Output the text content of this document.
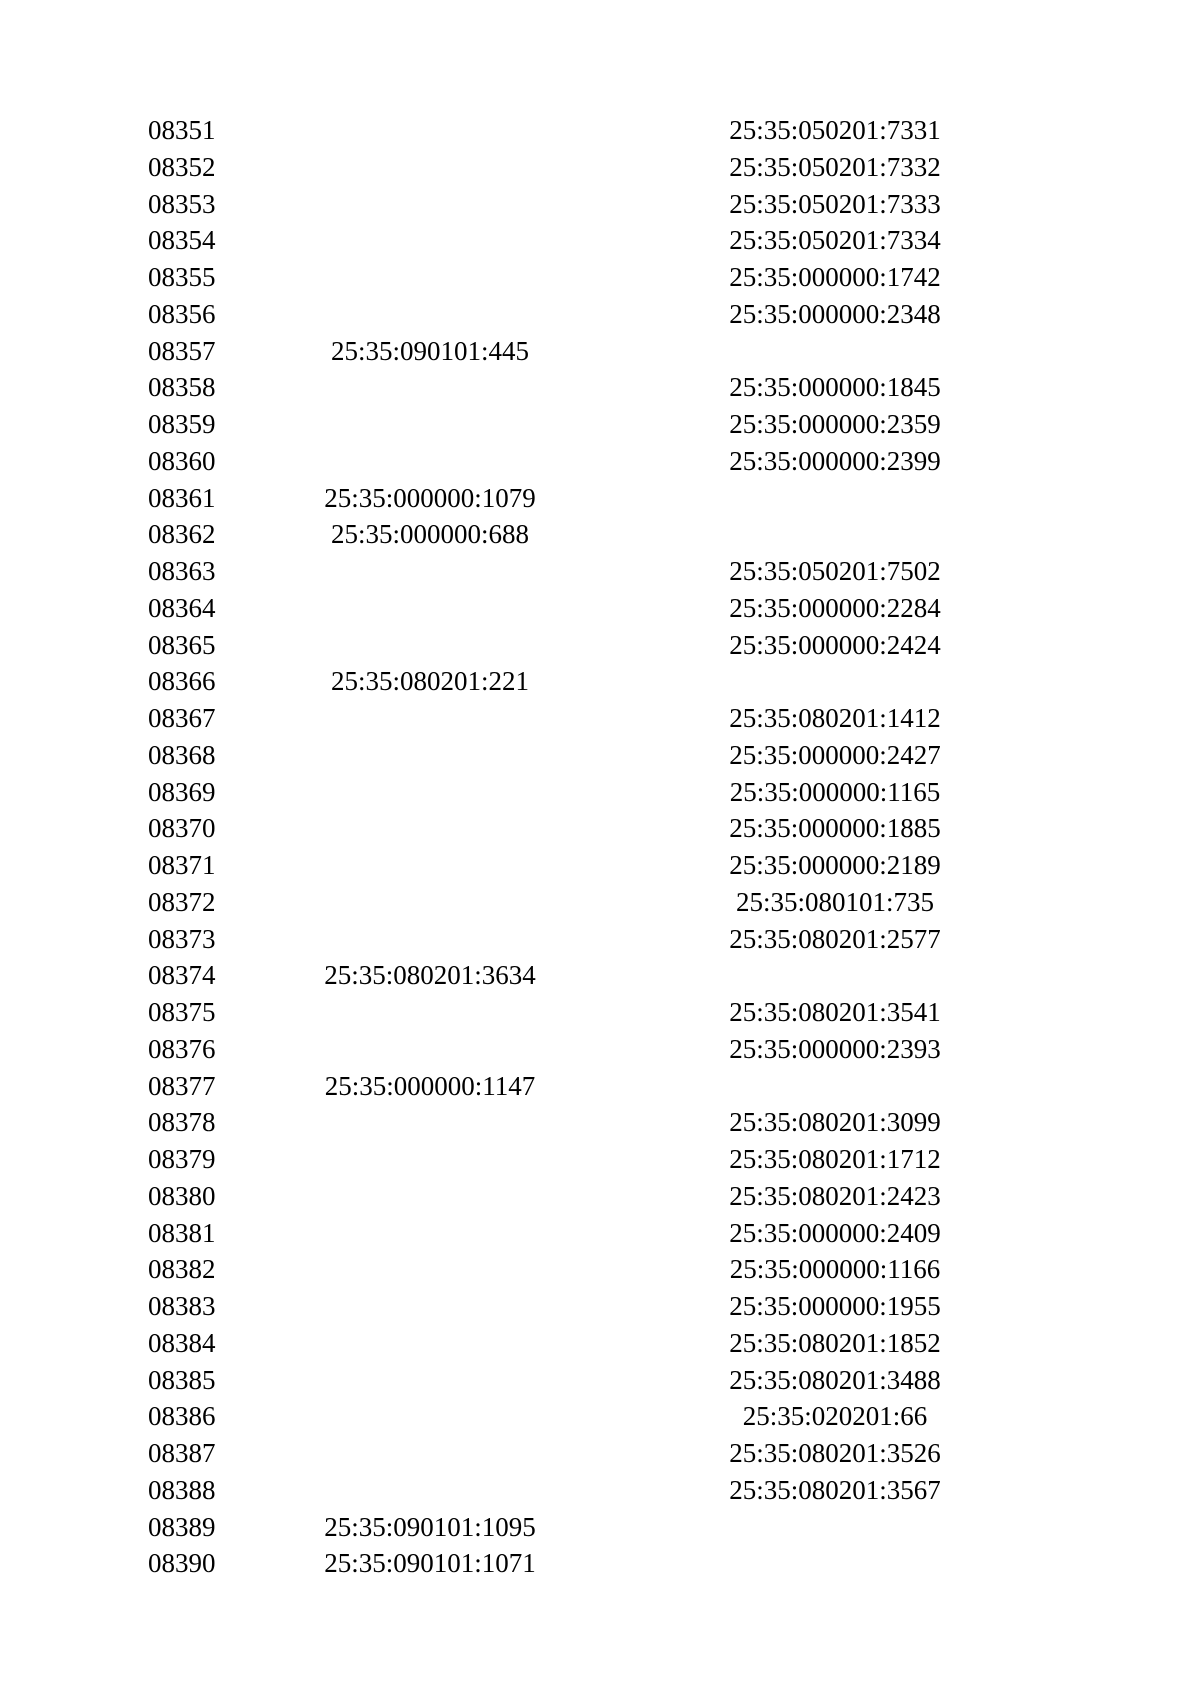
08351	25:35:050201:7331
08352	25:35:050201:7332
08353	25:35:050201:7333
08354	25:35:050201:7334
08355	25:35:000000:1742
08356	25:35:000000:2348
08357	25:35:090101:445
08358	25:35:000000:1845
08359	25:35:000000:2359
08360	25:35:000000:2399
08361	25:35:000000:1079
08362	25:35:000000:688
08363	25:35:050201:7502
08364	25:35:000000:2284
08365	25:35:000000:2424
08366	25:35:080201:221
08367	25:35:080201:1412
08368	25:35:000000:2427
08369	25:35:000000:1165
08370	25:35:000000:1885
08371	25:35:000000:2189
08372	25:35:080101:735
08373	25:35:080201:2577
08374	25:35:080201:3634
08375	25:35:080201:3541
08376	25:35:000000:2393
08377	25:35:000000:1147
08378	25:35:080201:3099
08379	25:35:080201:1712
08380	25:35:080201:2423
08381	25:35:000000:2409
08382	25:35:000000:1166
08383	25:35:000000:1955
08384	25:35:080201:1852
08385	25:35:080201:3488
08386	25:35:020201:66
08387	25:35:080201:3526
08388	25:35:080201:3567
08389	25:35:090101:1095
08390	25:35:090101:1071
